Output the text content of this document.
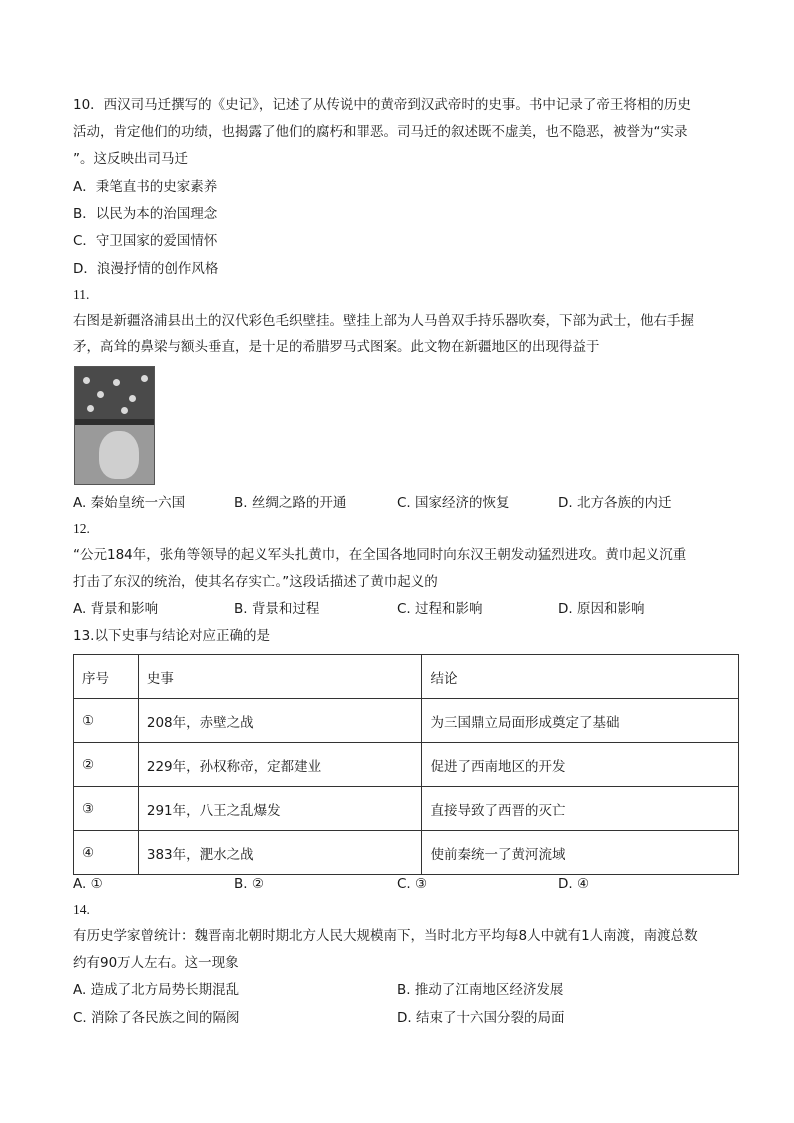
10．西汉司马迁撰写的《史记》，记述了从传说中的黄帝到汉武帝时的史事。书中记录了帝王将相的历史
活动，肯定他们的功绩，也揭露了他们的腐朽和罪恶。司马迁的叙述既不虚美，也不隐恶，被誉为“实录
”。这反映出司马迁
A．秉笔直书的史家素养
B．以民为本的治国理念
C．守卫国家的爱国情怀
D．浪漫抒情的创作风格
11.
右图是新疆洛浦县出土的汉代彩色毛织壁挂。壁挂上部为人马兽双手持乐器吹奏，下部为武士，他右手握
矛，高耸的鼻梁与额头垂直，是十足的希腊罗马式图案。此文物在新疆地区的出现得益于
A. 秦始皇统一六国	B. 丝绸之路的开通	C. 国家经济的恢复	D. 北方各族的内迁
12.
“公元184年，张角等领导的起义军头扎黄巾，在全国各地同时向东汉王朝发动猛烈进攻。黄巾起义沉重
打击了东汉的统治，使其名存实亡。”这段话描述了黄巾起义的
A. 背景和影响	B. 背景和过程	C. 过程和影响	D. 原因和影响
13.以下史事与结论对应正确的是
序号	史事	结论
①	208年，赤壁之战	为三国鼎立局面形成奠定了基础
②	229年，孙权称帝，定都建业	促进了西南地区的开发
③	291年，八王之乱爆发	直接导致了西晋的灭亡
④	383年，淝水之战	使前秦统一了黄河流域
A. ①	B. ②	C. ③	D. ④
14.
有历史学家曾统计：魏晋南北朝时期北方人民大规模南下，当时北方平均每8人中就有1人南渡，南渡总数
约有90万人左右。这一现象
A. 造成了北方局势长期混乱	B. 推动了江南地区经济发展
C. 消除了各民族之间的隔阂	D. 结束了十六国分裂的局面
